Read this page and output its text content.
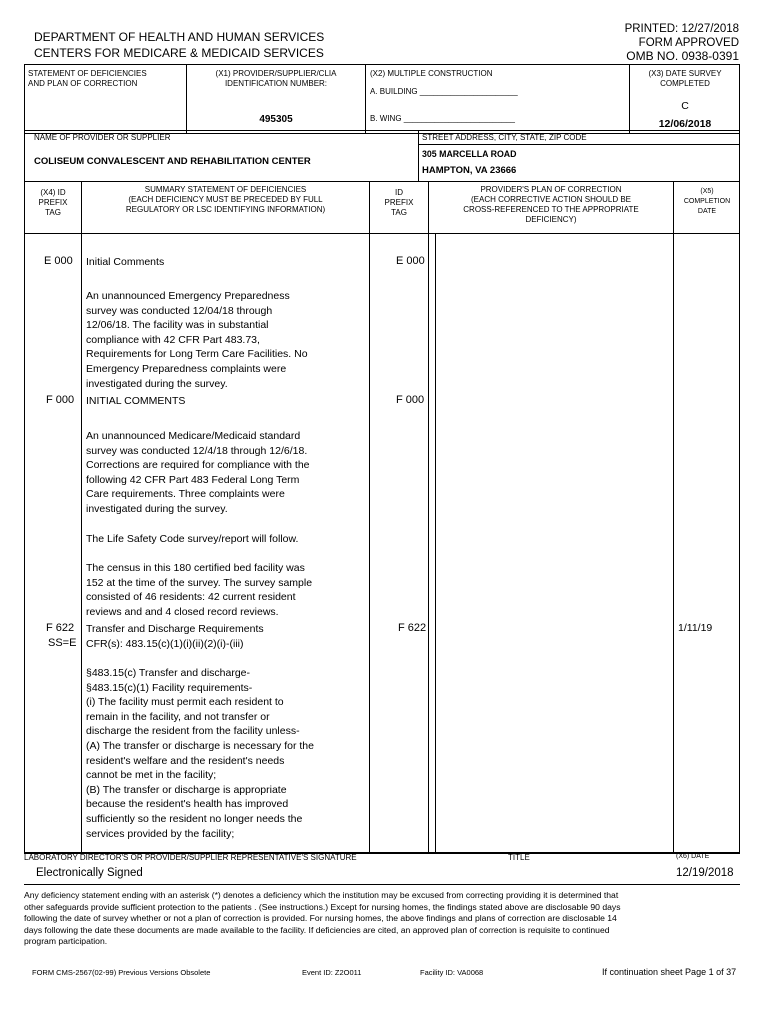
DEPARTMENT OF HEALTH AND HUMAN SERVICES
CENTERS FOR MEDICARE & MEDICAID SERVICES
PRINTED: 12/27/2018
FORM APPROVED
OMB NO. 0938-0391
STATEMENT OF DEFICIENCIES
AND PLAN OF CORRECTION
(X1) PROVIDER/SUPPLIER/CLIA
IDENTIFICATION NUMBER:
495305
(X2) MULTIPLE CONSTRUCTION
A. BUILDING ______________________
B. WING _________________________
(X3) DATE SURVEY
COMPLETED
C
12/06/2018
NAME OF PROVIDER OR SUPPLIER
COLISEUM CONVALESCENT AND REHABILITATION CENTER
STREET ADDRESS, CITY, STATE, ZIP CODE
305 MARCELLA ROAD
HAMPTON, VA 23666
(X4) ID
PREFIX
TAG
SUMMARY STATEMENT OF DEFICIENCIES
(EACH DEFICIENCY MUST BE PRECEDED BY FULL
REGULATORY OR LSC IDENTIFYING INFORMATION)
ID
PREFIX
TAG
PROVIDER'S PLAN OF CORRECTION
(EACH CORRECTIVE ACTION SHOULD BE
CROSS-REFERENCED TO THE APPROPRIATE
DEFICIENCY)
(X5)
COMPLETION
DATE
E 000 Initial Comments	E 000
An unannounced Emergency Preparedness
survey was conducted 12/04/18 through
12/06/18. The facility was in substantial
compliance with 42 CFR Part 483.73,
Requirements for Long Term Care Facilities. No
Emergency Preparedness complaints were
investigated during the survey.
F 000 INITIAL COMMENTS	F 000
An unannounced Medicare/Medicaid standard
survey was conducted 12/4/18 through 12/6/18.
Corrections are required for compliance with the
following 42 CFR Part 483 Federal Long Term
Care requirements. Three complaints were
investigated during the survey.
The Life Safety Code survey/report will follow.
The census in this 180 certified bed facility was
152 at the time of the survey. The survey sample
consisted of 46 residents: 42 current resident
reviews and and 4 closed record reviews.
F 622
SS=E
Transfer and Discharge Requirements
CFR(s): 483.15(c)(1)(i)(ii)(2)(i)-(iii)
F 622	1/11/19
§483.15(c) Transfer and discharge-
§483.15(c)(1) Facility requirements-
(i) The facility must permit each resident to
remain in the facility, and not transfer or
discharge the resident from the facility unless-
(A) The transfer or discharge is necessary for the
resident's welfare and the resident's needs
cannot be met in the facility;
(B) The transfer or discharge is appropriate
because the resident's health has improved
sufficiently so the resident no longer needs the
services provided by the facility;
LABORATORY DIRECTOR'S OR PROVIDER/SUPPLIER REPRESENTATIVE'S SIGNATURE	TITLE	(X6) DATE
Electronically Signed	12/19/2018
Any deficiency statement ending with an asterisk (*) denotes a deficiency which the institution may be excused from correcting providing it is determined that
other safeguards provide sufficient protection to the patients . (See instructions.) Except for nursing homes, the findings stated above are disclosable 90 days
following the date of survey whether or not a plan of correction is provided. For nursing homes, the above findings and plans of correction are disclosable 14
days following the date these documents are made available to the facility. If deficiencies are cited, an approved plan of correction is requisite to continued
program participation.
FORM CMS-2567(02-99) Previous Versions Obsolete	Event ID: Z2O011	Facility ID: VA0068	If continuation sheet Page 1 of 37
